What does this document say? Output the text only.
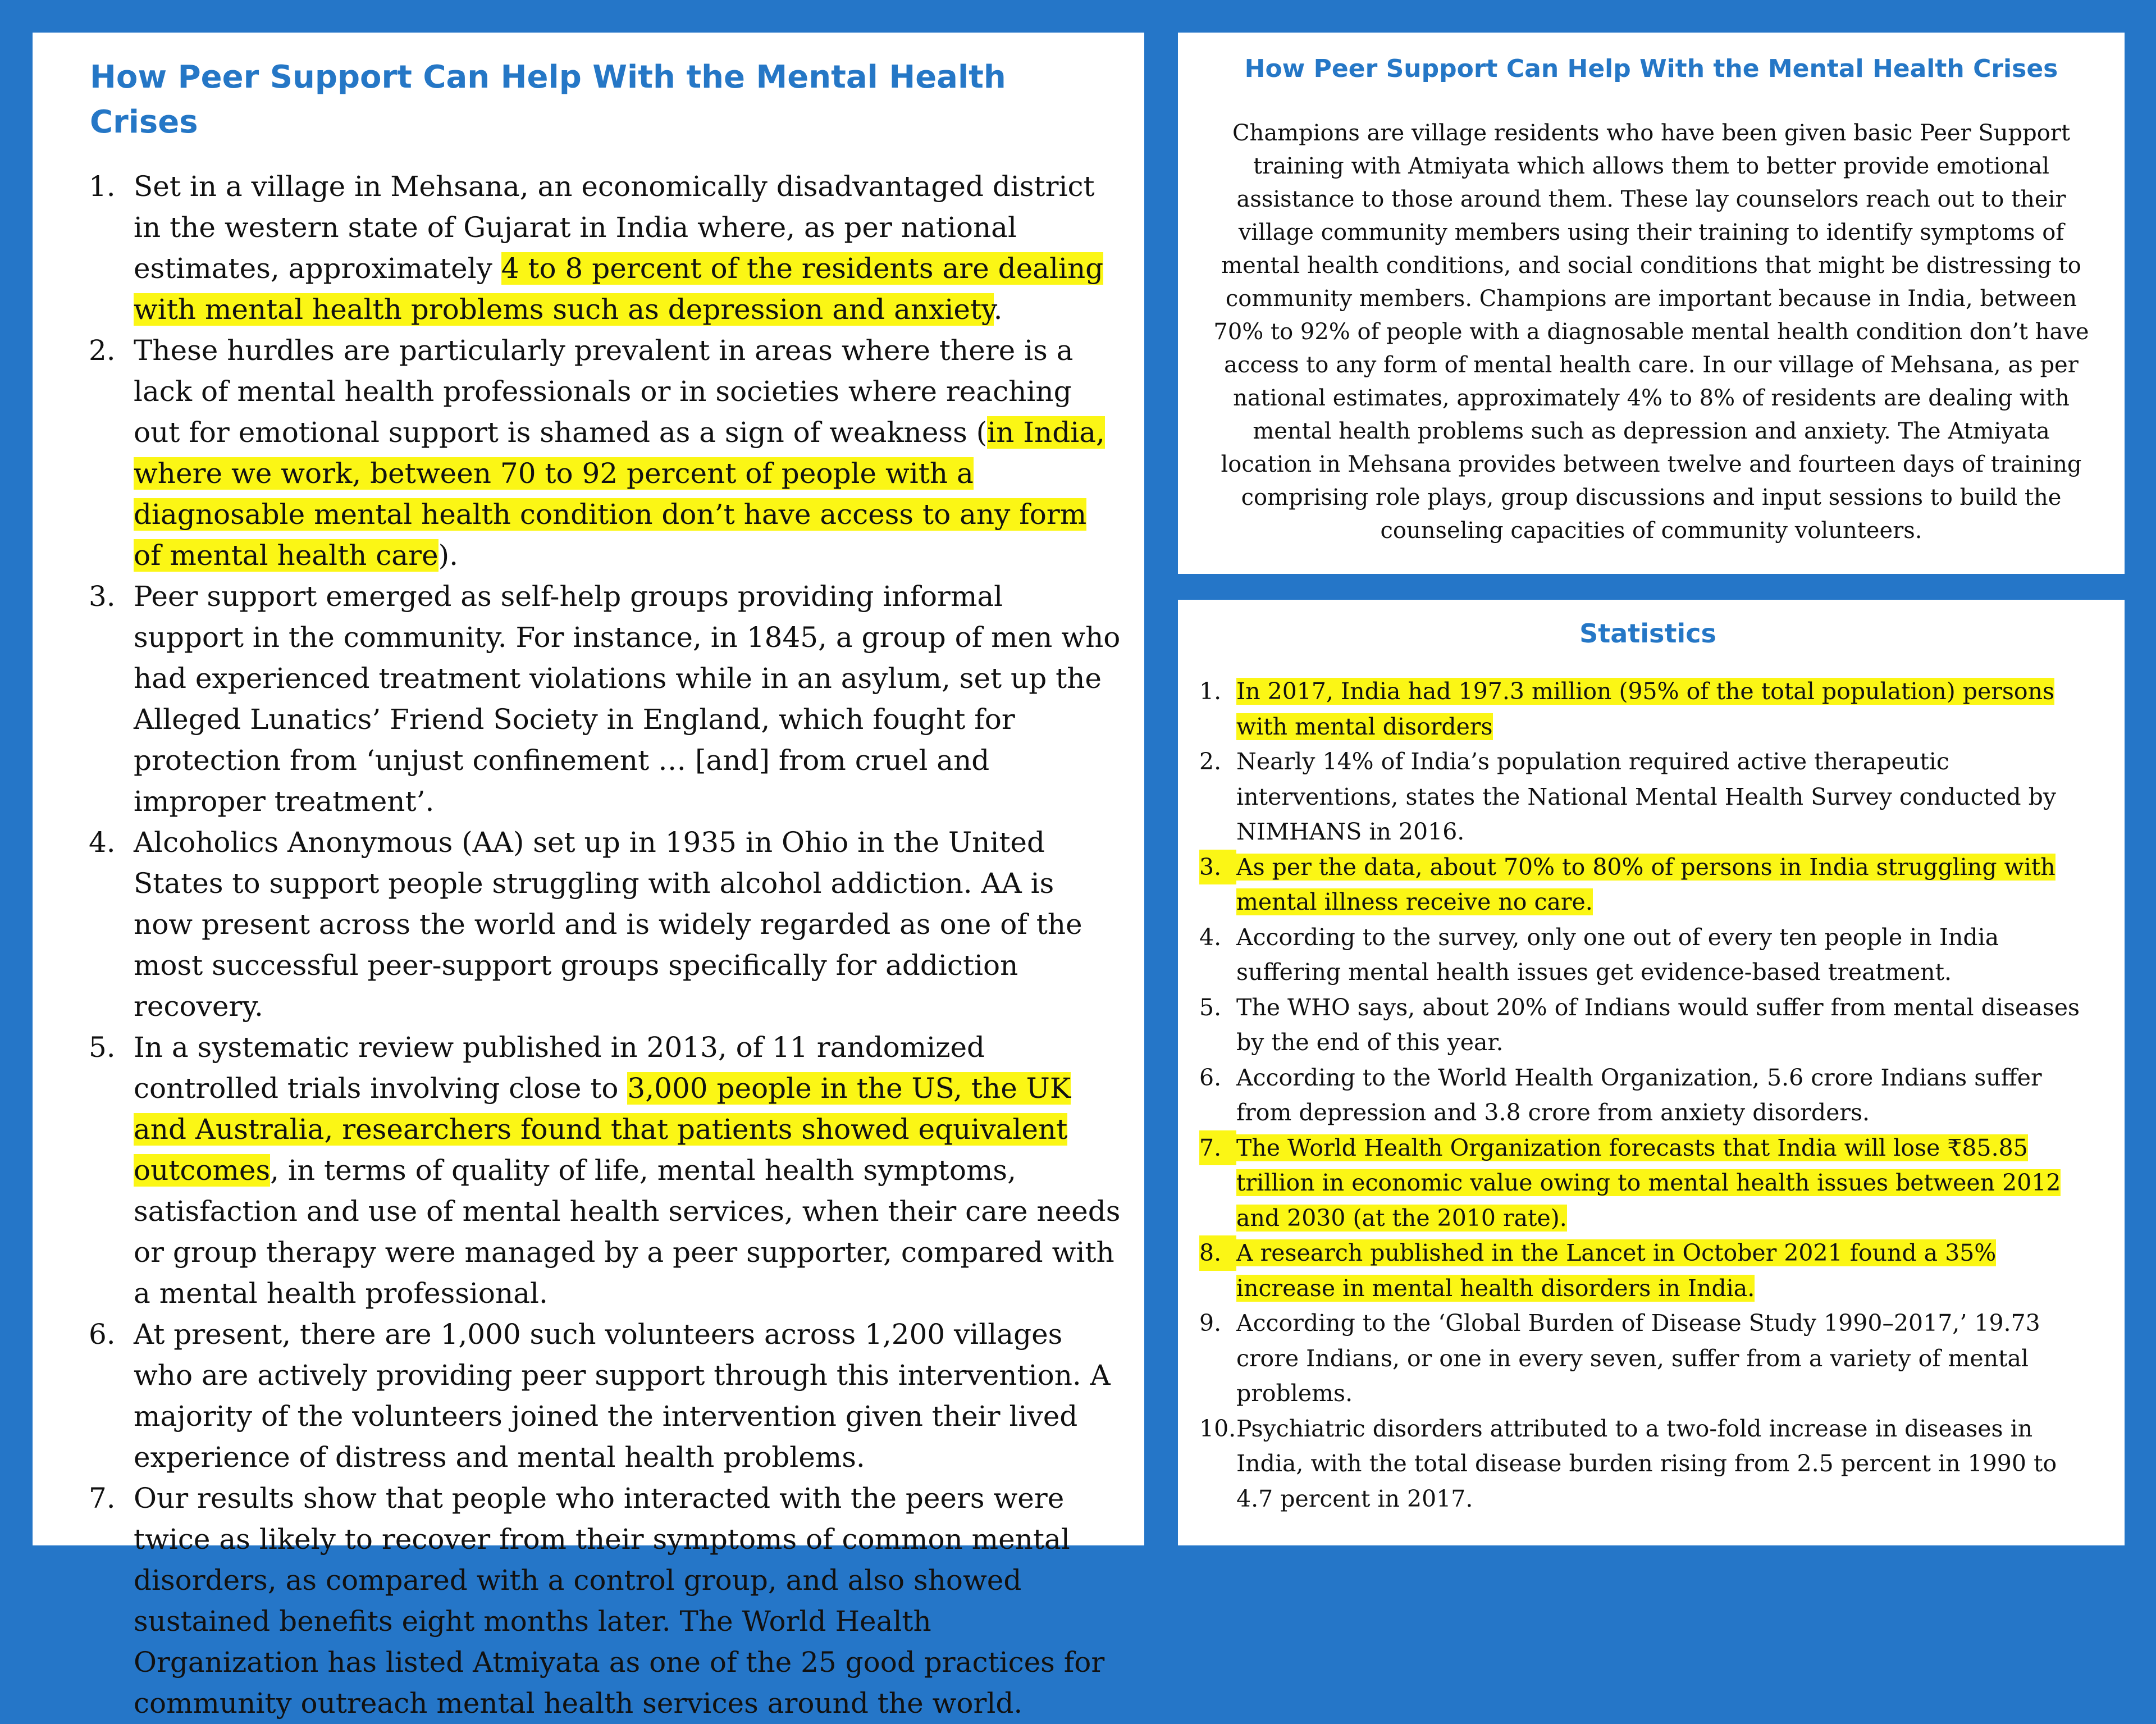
How Peer Support Can Help With the Mental Health Crises
1. Set in a village in Mehsana, an economically disadvantaged district in the western state of Gujarat in India where, as per national estimates, approximately 4 to 8 percent of the residents are dealing with mental health problems such as depression and anxiety.
2. These hurdles are particularly prevalent in areas where there is a lack of mental health professionals or in societies where reaching out for emotional support is shamed as a sign of weakness (in India, where we work, between 70 to 92 percent of people with a diagnosable mental health condition don’t have access to any form of mental health care).
3. Peer support emerged as self-help groups providing informal support in the community. For instance, in 1845, a group of men who had experienced treatment violations while in an asylum, set up the Alleged Lunatics’ Friend Society in England, which fought for protection from ‘unjust confinement … [and] from cruel and improper treatment’.
4. Alcoholics Anonymous (AA) set up in 1935 in Ohio in the United States to support people struggling with alcohol addiction. AA is now present across the world and is widely regarded as one of the most successful peer-support groups specifically for addiction recovery.
5. In a systematic review published in 2013, of 11 randomized controlled trials involving close to 3,000 people in the US, the UK and Australia, researchers found that patients showed equivalent outcomes, in terms of quality of life, mental health symptoms, satisfaction and use of mental health services, when their care needs or group therapy were managed by a peer supporter, compared with a mental health professional.
6. At present, there are 1,000 such volunteers across 1,200 villages who are actively providing peer support through this intervention. A majority of the volunteers joined the intervention given their lived experience of distress and mental health problems.
7. Our results show that people who interacted with the peers were twice as likely to recover from their symptoms of common mental disorders, as compared with a control group, and also showed sustained benefits eight months later. The World Health Organization has listed Atmiyata as one of the 25 good practices for community outreach mental health services around the world.
How Peer Support Can Help With the Mental Health Crises

Champions are village residents who have been given basic Peer Support training with Atmiyata which allows them to better provide emotional assistance to those around them. These lay counselors reach out to their village community members using their training to identify symptoms of mental health conditions, and social conditions that might be distressing to community members. Champions are important because in India, between 70% to 92% of people with a diagnosable mental health condition don’t have access to any form of mental health care. In our village of Mehsana, as per national estimates, approximately 4% to 8% of residents are dealing with mental health problems such as depression and anxiety. The Atmiyata location in Mehsana provides between twelve and fourteen days of training comprising role plays, group discussions and input sessions to build the counseling capacities of community volunteers.

Statistics
1. In 2017, India had 197.3 million (95% of the total population) persons with mental disorders
2. Nearly 14% of India’s population required active therapeutic interventions, states the National Mental Health Survey conducted by NIMHANS in 2016.
3. As per the data, about 70% to 80% of persons in India struggling with mental illness receive no care.
4. According to the survey, only one out of every ten people in India suffering mental health issues get evidence-based treatment.
5. The WHO says, about 20% of Indians would suffer from mental diseases by the end of this year.
6. According to the World Health Organization, 5.6 crore Indians suffer from depression and 3.8 crore from anxiety disorders.
7. The World Health Organization forecasts that India will lose ₹85.85 trillion in economic value owing to mental health issues between 2012 and 2030 (at the 2010 rate).
8. A research published in the Lancet in October 2021 found a 35% increase in mental health disorders in India.
9. According to the ‘Global Burden of Disease Study 1990–2017,’ 19.73 crore Indians, or one in every seven, suffer from a variety of mental problems.
10. Psychiatric disorders attributed to a two-fold increase in diseases in India, with the total disease burden rising from 2.5 percent in 1990 to 4.7 percent in 2017.
